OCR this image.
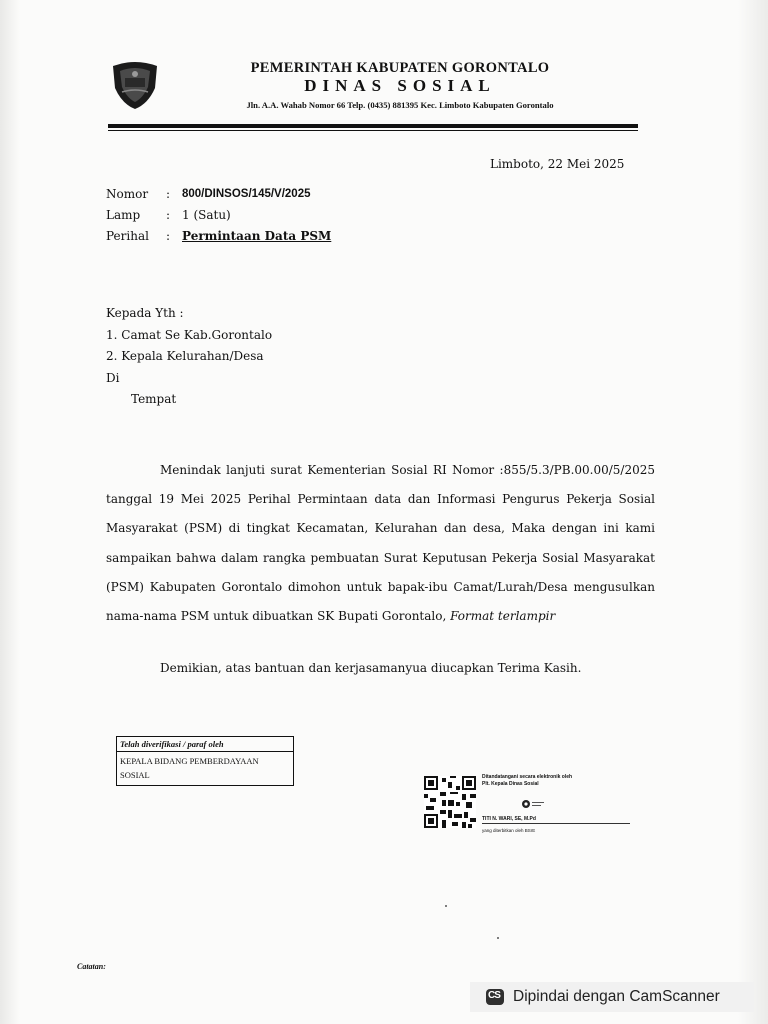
PEMERINTAH KABUPATEN GORONTALO
DINAS SOSIAL
Jln. A.A. Wahab Nomor 66 Telp. (0435) 881395 Kec. Limboto Kabupaten Gorontalo
Limboto, 22 Mei 2025
Nomor	:	800/DINSOS/145/V/2025
Lamp	: 1 (Satu)
Perihal	: Permintaan Data PSM
Kepada Yth :
1. Camat Se Kab.Gorontalo
2. Kepala Kelurahan/Desa
Di
Tempat

Menindak lanjuti surat Kementerian Sosial RI Nomor :855/5.3/PB.00.00/5/2025 tanggal 19 Mei 2025 Perihal Permintaan data dan Informasi Pengurus Pekerja Sosial Masyarakat (PSM) di tingkat Kecamatan, Kelurahan dan desa, Maka dengan ini kami sampaikan bahwa dalam rangka pembuatan Surat Keputusan Pekerja Sosial Masyarakat (PSM) Kabupaten Gorontalo dimohon untuk bapak-ibu Camat/Lurah/Desa mengusulkan nama-nama PSM untuk dibuatkan SK Bupati Gorontalo, Format terlampir

Demikian, atas bantuan dan kerjasamanyua diucapkan Terima Kasih.
Telah diverifikasi / paraf oleh
KEPALA BIDANG PEMBERDAYAAN
SOSIAL	Ditandatangani secara elektronik oleh
Plt. Kepala Dinas Sosial
TITI N. WARI, SE, M.Pd
yang diterbitkan oleh BSrE
Catatan:
CS Dipindai dengan CamScanner
